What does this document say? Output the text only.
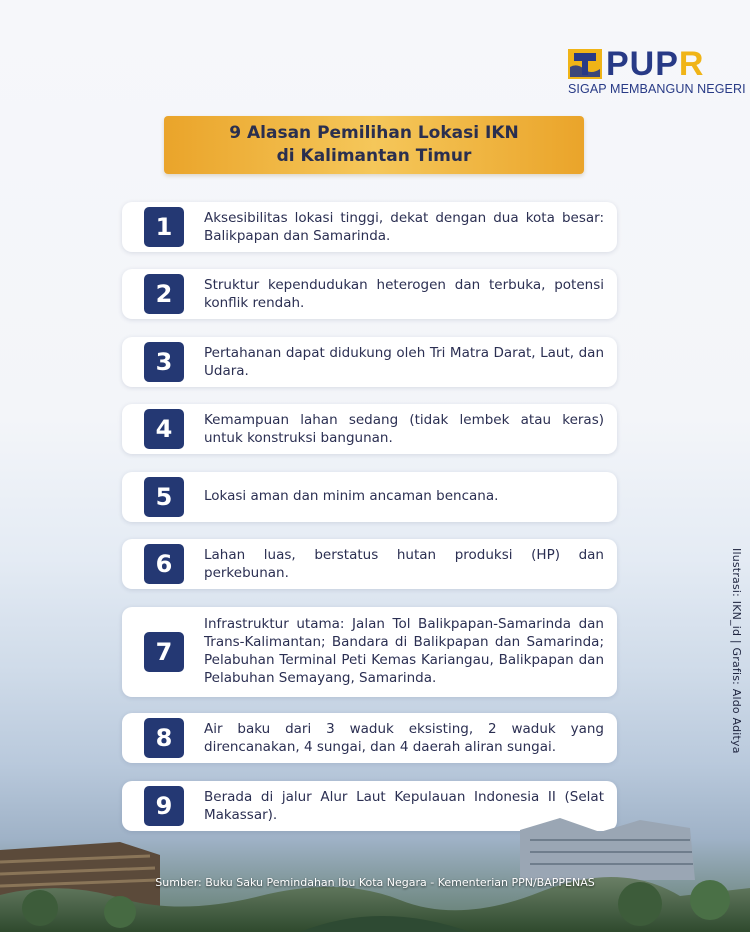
PUPR
SIGAP MEMBANGUN NEGERI
9 Alasan Pemilihan Lokasi IKN
di Kalimantan Timur
1	Aksesibilitas lokasi tinggi, dekat dengan dua kota besar: Balikpapan dan Samarinda.
2	Struktur kependudukan heterogen dan terbuka, potensi konflik rendah.
3	Pertahanan dapat didukung oleh Tri Matra Darat, Laut, dan Udara.
4	Kemampuan lahan sedang (tidak lembek atau keras) untuk konstruksi bangunan.
5	Lokasi aman dan minim ancaman bencana.
6	Lahan luas, berstatus hutan produksi (HP) dan perkebunan.
7
Infrastruktur utama: Jalan Tol Balikpapan-Samarinda dan Trans-Kalimantan; Bandara di Balikpapan dan Samarinda; Pelabuhan Terminal Peti Kemas Kariangau, Balikpapan dan Pelabuhan Semayang, Samarinda.
8	Air baku dari 3 waduk eksisting, 2 waduk yang direncanakan, 4 sungai, dan 4 daerah aliran sungai.
9	Berada di jalur Alur Laut Kepulauan Indonesia II (Selat Makassar).
Ilustrasi: IKN_id | Grafis: Aldo Aditya
Sumber: Buku Saku Pemindahan Ibu Kota Negara - Kementerian PPN/BAPPENAS
